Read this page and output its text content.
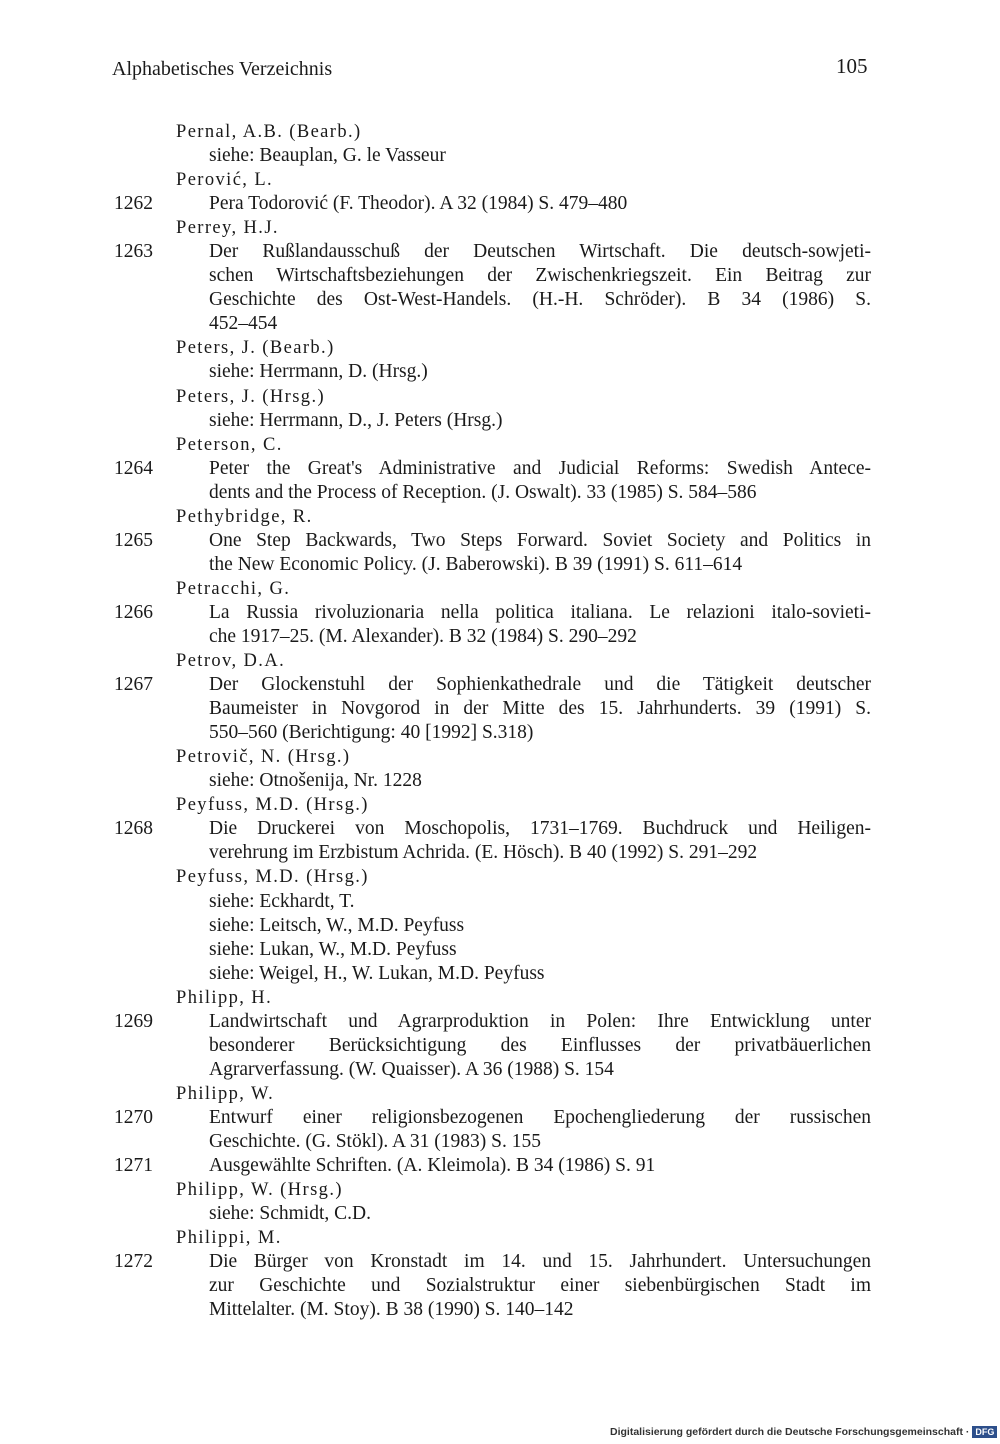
Alphabetisches Verzeichnis	105
Pernal, A.B. (Bearb.)
siehe: Beauplan, G. le Vasseur
Perović, L.
1262	Pera Todorović (F. Theodor). A 32 (1984) S. 479–480
Perrey, H.J.
1263	Der Rußlandausschuß der Deutschen Wirtschaft. Die deutsch-sowjeti-
schen Wirtschaftsbeziehungen der Zwischenkriegszeit. Ein Beitrag zur
Geschichte des Ost-West-Handels. (H.-H. Schröder). B 34 (1986) S.
452–454
Peters, J. (Bearb.)
siehe: Herrmann, D. (Hrsg.)
Peters, J. (Hrsg.)
siehe: Herrmann, D., J. Peters (Hrsg.)
Peterson, C.
1264	Peter the Great's Administrative and Judicial Reforms: Swedish Antece-
dents and the Process of Reception. (J. Oswalt). 33 (1985) S. 584–586
Pethybridge, R.
1265	One Step Backwards, Two Steps Forward. Soviet Society and Politics in
the New Economic Policy. (J. Baberowski). B 39 (1991) S. 611–614
Petracchi, G.
1266	La Russia rivoluzionaria nella politica italiana. Le relazioni italo-sovieti-
che 1917–25. (M. Alexander). B 32 (1984) S. 290–292
Petrov, D.A.
1267	Der Glockenstuhl der Sophienkathedrale und die Tätigkeit deutscher
Baumeister in Novgorod in der Mitte des 15. Jahrhunderts. 39 (1991) S.
550–560 (Berichtigung: 40 [1992] S.318)
Petrovič, N. (Hrsg.)
siehe: Otnošenija, Nr. 1228
Peyfuss, M.D. (Hrsg.)
1268	Die Druckerei von Moschopolis, 1731–1769. Buchdruck und Heiligen-
verehrung im Erzbistum Achrida. (E. Hösch). B 40 (1992) S. 291–292
Peyfuss, M.D. (Hrsg.)
siehe: Eckhardt, T.
siehe: Leitsch, W., M.D. Peyfuss
siehe: Lukan, W., M.D. Peyfuss
siehe: Weigel, H., W. Lukan, M.D. Peyfuss
Philipp, H.
1269	Landwirtschaft und Agrarproduktion in Polen: Ihre Entwicklung unter
besonderer Berücksichtigung des Einflusses der privatbäuerlichen
Agrarverfassung. (W. Quaisser). A 36 (1988) S. 154
Philipp, W.
1270	Entwurf einer religionsbezogenen Epochengliederung der russischen
Geschichte. (G. Stökl). A 31 (1983) S. 155
1271	Ausgewählte Schriften. (A. Kleimola). B 34 (1986) S. 91
Philipp, W. (Hrsg.)
siehe: Schmidt, C.D.
Philippi, M.
1272	Die Bürger von Kronstadt im 14. und 15. Jahrhundert. Untersuchungen
zur Geschichte und Sozialstruktur einer siebenbürgischen Stadt im
Mittelalter. (M. Stoy). B 38 (1990) S. 140–142
Digitalisierung gefördert durch die Deutsche Forschungsgemeinschaft · DFG
